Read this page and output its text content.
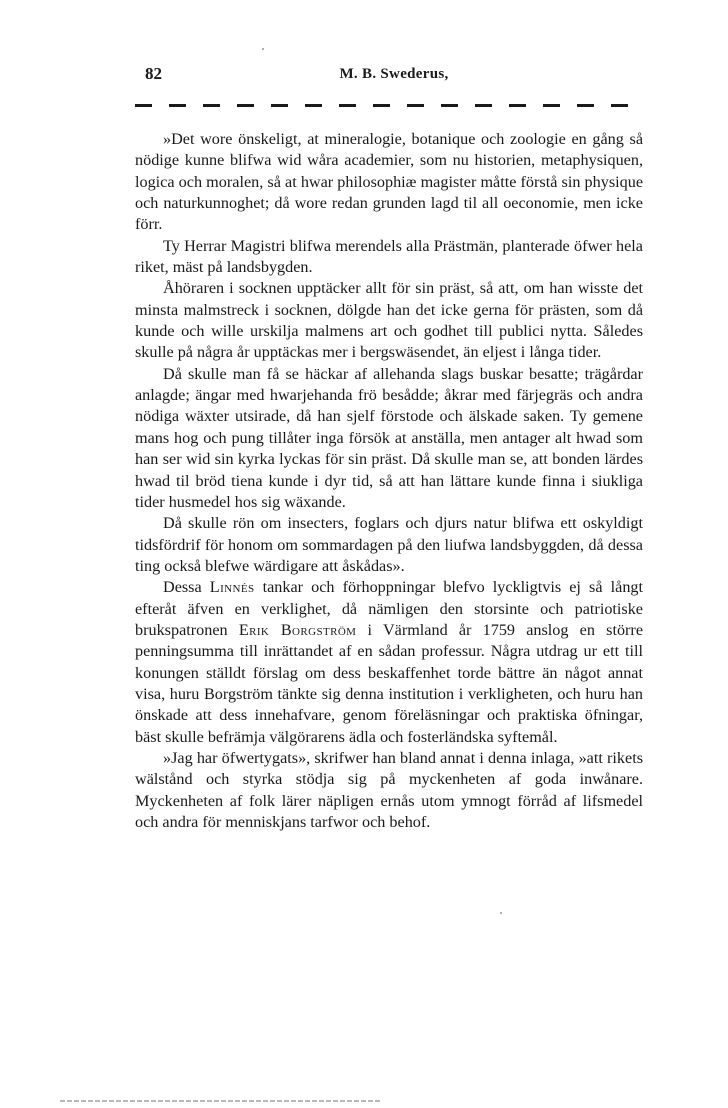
82	M. B. Swederus,

»Det wore önskeligt, at mineralogie, botanique och zoologie en gång så nödige kunne blifwa wid wåra academier, som nu historien, metaphysiquen, logica och moralen, så at hwar philosophiæ magister måtte förstå sin physique och naturkunnoghet; då wore redan grunden lagd til all oeconomie, men icke förr.

Ty Herrar Magistri blifwa merendels alla Prästmän, planterade öfwer hela riket, mäst på landsbygden.

Åhöraren i socknen upptäcker allt för sin präst, så att, om han wisste det minsta malmstreck i socknen, dölgde han det icke gerna för prästen, som då kunde och wille urskilja malmens art och godhet till publici nytta. Således skulle på några år upptäckas mer i bergswäsendet, än eljest i långa tider.

Då skulle man få se häckar af allehanda slags buskar besatte; trägårdar anlagde; ängar med hwarjehanda frö besådde; åkrar med färjegräs och andra nödiga wäxter utsirade, då han sjelf förstode och älskade saken. Ty gemene mans hog och pung tillåter inga försök at anställa, men antager alt hwad som han ser wid sin kyrka lyckas för sin präst. Då skulle man se, att bonden lärdes hwad til bröd tiena kunde i dyr tid, så att han lättare kunde finna i siukliga tider husmedel hos sig wäxande.

Då skulle rön om insecters, foglars och djurs natur blifwa ett oskyldigt tidsfördrif för honom om sommardagen på den liufwa landsbyggden, då dessa ting också blefwe wärdigare att åskådas».

Dessa Linnés tankar och förhoppningar blefvo lyckligtvis ej så långt efteråt äfven en verklighet, då nämligen den storsinte och patriotiske brukspatronen Erik Borgström i Värmland år 1759 anslog en större penningsumma till inrättandet af en sådan professur. Några utdrag ur ett till konungen ställdt förslag om dess beskaffenhet torde bättre än något annat visa, huru Borgström tänkte sig denna institution i verkligheten, och huru han önskade att dess innehafvare, genom föreläsningar och praktiska öfningar, bäst skulle befrämja välgörarens ädla och fosterländska syftemål.

»Jag har öfwertygats», skrifwer han bland annat i denna inlaga, »att rikets wälstånd och styrka stödja sig på myckenheten af goda inwånare. Myckenheten af folk lärer näpligen ernås utom ymnogt förråd af lifsmedel och andra för menniskjans tarfwor och behof.
